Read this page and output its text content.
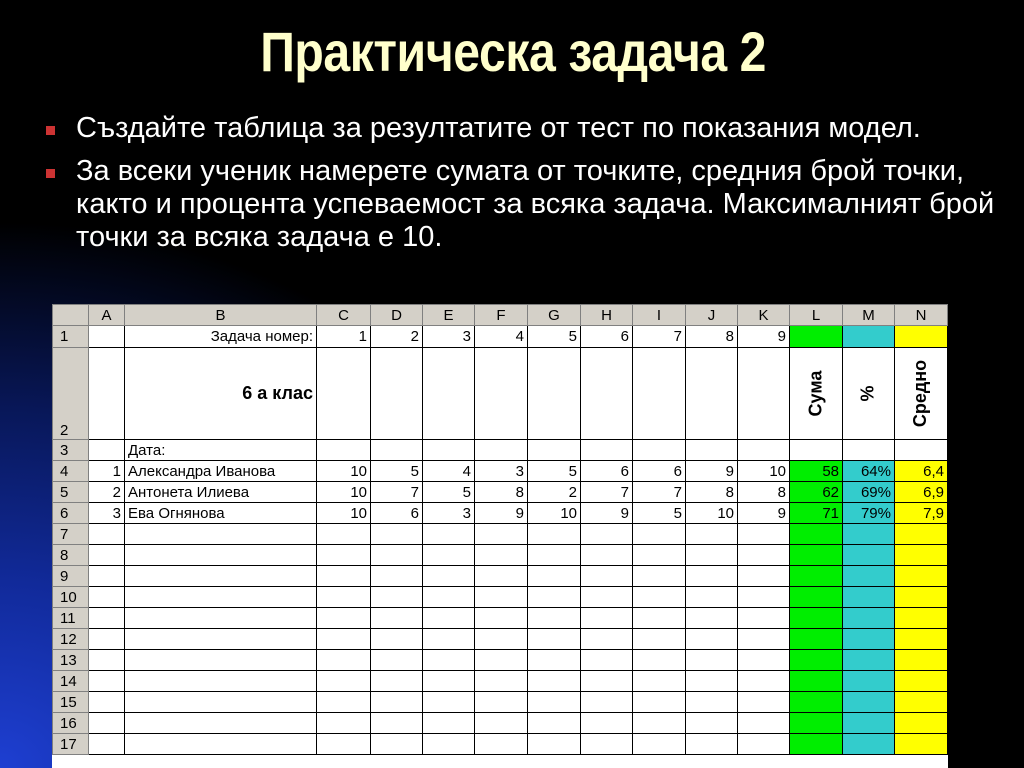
Практическа задача 2
Създайте таблица за резултатите от тест по показания модел.
За всеки ученик намерете сумата от точките, средния брой точки, както и процента успеваемост за всяка задача. Максималният брой точки за всяка задача е 10.
	A	B	C	D	E	F	G	H	I	J	K	L	M	N
1		Задача номер:	1	2	3	4	5	6	7	8	9			
2		6 а клас										Сума	%	Средно

3		Дата:												
4	1	Александра Иванова	10	5	4	3	5	6	6	9	10	58	64%	6,4
5	2	Антонета Илиева	10	7	5	8	2	7	7	8	8	62	69%	6,9
6	3	Ева Огнянова	10	6	3	9	10	9	5	10	9	71	79%	7,9
7														
8														
9														
10														
11														
12														
13														
14														
15														
16														
17														
